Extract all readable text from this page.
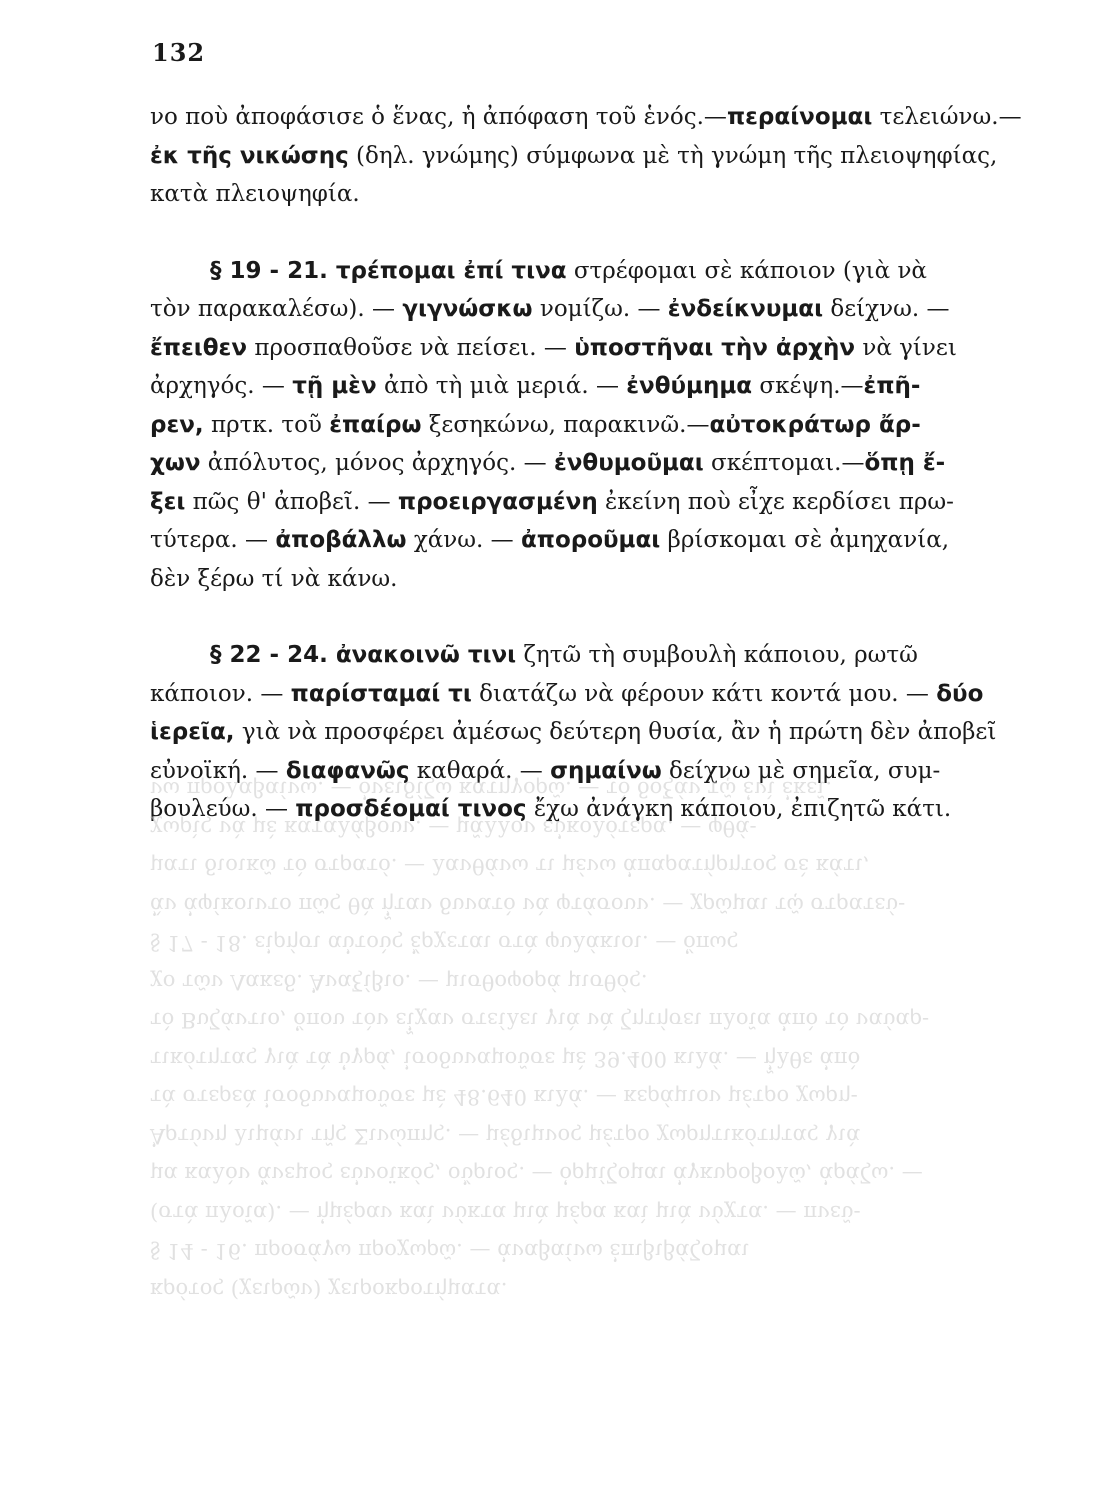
132
νο ποὺ ἀποφάσισε ὁ ἕνας, ἡ ἀπόφαση τοῦ ἑνός.—περαίνομαι τελειώνω.—
ἐκ τῆς νικώσης (δηλ. γνώμης) σύμφωνα μὲ τὴ γνώμη τῆς πλειοψηφίας,
κατὰ πλειοψηφία.
§ 19 - 21. τρέπομαι ἐπί τινα στρέφομαι σὲ κάποιον (γιὰ νὰ
τὸν παρακαλέσω). — γιγνώσκω νομίζω. — ἐνδείκνυμαι δείχνω. —
ἔπειθεν προσπαθοῦσε νὰ πείσει. — ὑποστῆναι τὴν ἀρχὴν νὰ γίνει
ἀρχηγός. — τῇ μὲν ἀπὸ τὴ μιὰ μεριά. — ἐνθύμημα σκέψη.—ἐπῆ-
ρεν, πρτκ. τοῦ ἐπαίρω ξεσηκώνω, παρακινῶ.—αὐτοκράτωρ ἄρ-
χων ἀπόλυτος, μόνος ἀρχηγός. — ἐνθυμοῦμαι σκέπτομαι.—ὅπῃ ἔ-
ξει πῶς θ' ἀποβεῖ. — προειργασμένη ἐκείνη ποὺ εἶχε κερδίσει πρω-
τύτερα. — ἀποβάλλω χάνω. — ἀποροῦμαι βρίσκομαι σὲ ἀμηχανία,
δὲν ξέρω τί νὰ κάνω.
§ 22 - 24. ἀνακοινῶ τινι ζητῶ τὴ συμβουλὴ κάποιου, ρωτῶ
κάποιον. — παρίσταμαί τι διατάζω νὰ φέρουν κάτι κοντά μου. — δύο
ἱερεῖα, γιὰ νὰ προσφέρει ἀμέσως δεύτερη θυσία, ἂν ἡ πρώτη δὲν ἀποβεῖ
εὐνοϊκή. — διαφανῶς καθαρά. — σημαίνω δείχνω μὲ σημεῖα, συμ-
βουλεύω. — προσδέομαί τινος ἔχω ἀνάγκη κάποιου, ἐπιζητῶ κάτι.
κρότος (χειρῶν) χειροκροτήματα.
§ 14 - 16. προσάγω προχωρῶ. — ἀναβαίνω ἐπιβιβάζομαι
(στὰ πλοῖα). — ἡμέραν καὶ νύκτα μιὰ μέρα καὶ μιὰ νύχτα. — πνεῦ-
μα καλὸν ἄνεμος εὐνοϊκός, οὔριος. — ὁρμίζομαι ἀγκυροβολῶ, ἀράζω. —
Ἀρτύνη λιμάνι τῆς Σινώπης. — μέδιμνος μέτρο χωρητικότητας γιὰ
τὰ στερεὰ ἰσοδυναμοῦσε μὲ 48.640 κιλά. — κεράμιον μέτρο χωρη-
τικότητας γιὰ τὰ ὑγρά, ἰσοδυναμοῦσε μὲ 39.400 κιλά. — ἦλθε ἀπὸ
τὸ Βυζάντιο, ὅπου τὸν εἶχαν στείλει γιὰ νὰ ζητήσει πλοῖα ἀπὸ τὸ ναύαρ-
χο τῶν Λακεδ. Ἀναξίβιο. — μισθοφορά μισθός.
§ 17 - 18. εἰρήσι αὐτοὺς ἔρχεται στὰ φυλάκιοι. — ὅπως
ἂν ἀφίκοιντο πῶς θὰ ἦταν δυνατὸ νὰ φτάσουν. — χρῶμαι τῷ στρατεύ-
ματι διοικῶ τὸ στρατό. — λανθάνω τι μένω ἀπαρατήρητος σὲ κάτι,
χωρὶς νὰ μὲ καταλάβουν. — μᾶλλον εὐκολότερα. — φθά-
νω προλαβαίνω. — ὀνειδίζω κατηγορῶ. — τὸ δοξάν τῷ ἑνὶ ἐκεῖ.
